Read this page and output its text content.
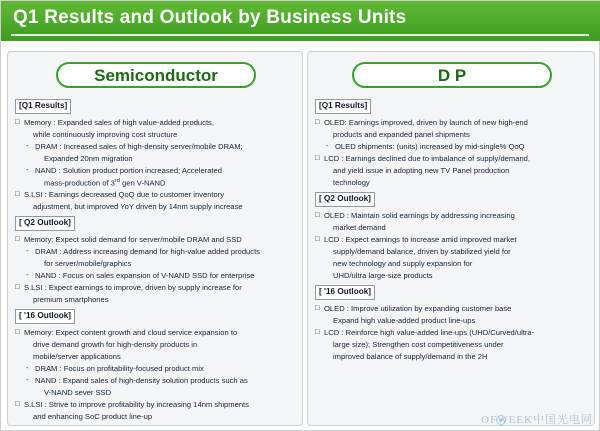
Q1 Results and Outlook by Business Units
Semiconductor
[Q1 Results]
□ Memory : Expanded sales of high value-added products,
while continuously improving cost structure
- DRAM : Increased sales of high-density server/mobile DRAM;
Expanded 20nm migration
- NAND : Solution product portion increased; Accelerated
mass-production of 3rd gen V-NAND
□ S.LSI : Earnings decreased QoQ due to customer inventory
adjustment, but improved YoY driven by 14nm supply increase
[ Q2 Outlook]
□ Memory: Expect solid demand for server/mobile DRAM and SSD
- DRAM : Address increasing demand for high-value added products
for server/mobile/graphics
- NAND : Focus on sales expansion of V-NAND SSD for enterprise
□ S.LSI : Expect earnings to improve, driven by supply increase for
premium smartphones
[ '16 Outlook]
□ Memory: Expect content growth and cloud service expansion to
drive demand growth for high-density products in
mobile/server applications
- DRAM : Focus on profitability-focused product mix
- NAND : Expand sales of high-density solution products such as
V-NAND sever SSD
□ S.LSI : Strive to improve profitability by increasing 14nm shipments
and enhancing SoC product line-up
D P
[Q1 Results]
□ OLED: Earnings improved, driven by launch of new high-end
products and expanded panel shipments
- OLED shipments: (units) increased by mid-single% QoQ
□ LCD : Earnings declined due to imbalance of supply/demand,
and yield issue in adopting new TV Panel production
technology
[ Q2 Outlook]
□ OLED : Maintain solid earnings by addressing increasing
market demand
□ LCD : Expect earnings to increase amid improved market
supply/demand balance, driven by stabilized yield for
new technology and supply expansion for
UHD/ultra large-size products
[ '16 Outlook]
□ OLED : Improve utilization by expanding customer base
Expand high value-added product line-ups
□ LCD : Reinforce high value-added line-ups (UHD/Curved/ultra-
large size); Strengthen cost competitiveness under
improved balance of supply/demand in the 2H
OFWEEK中国光电网
